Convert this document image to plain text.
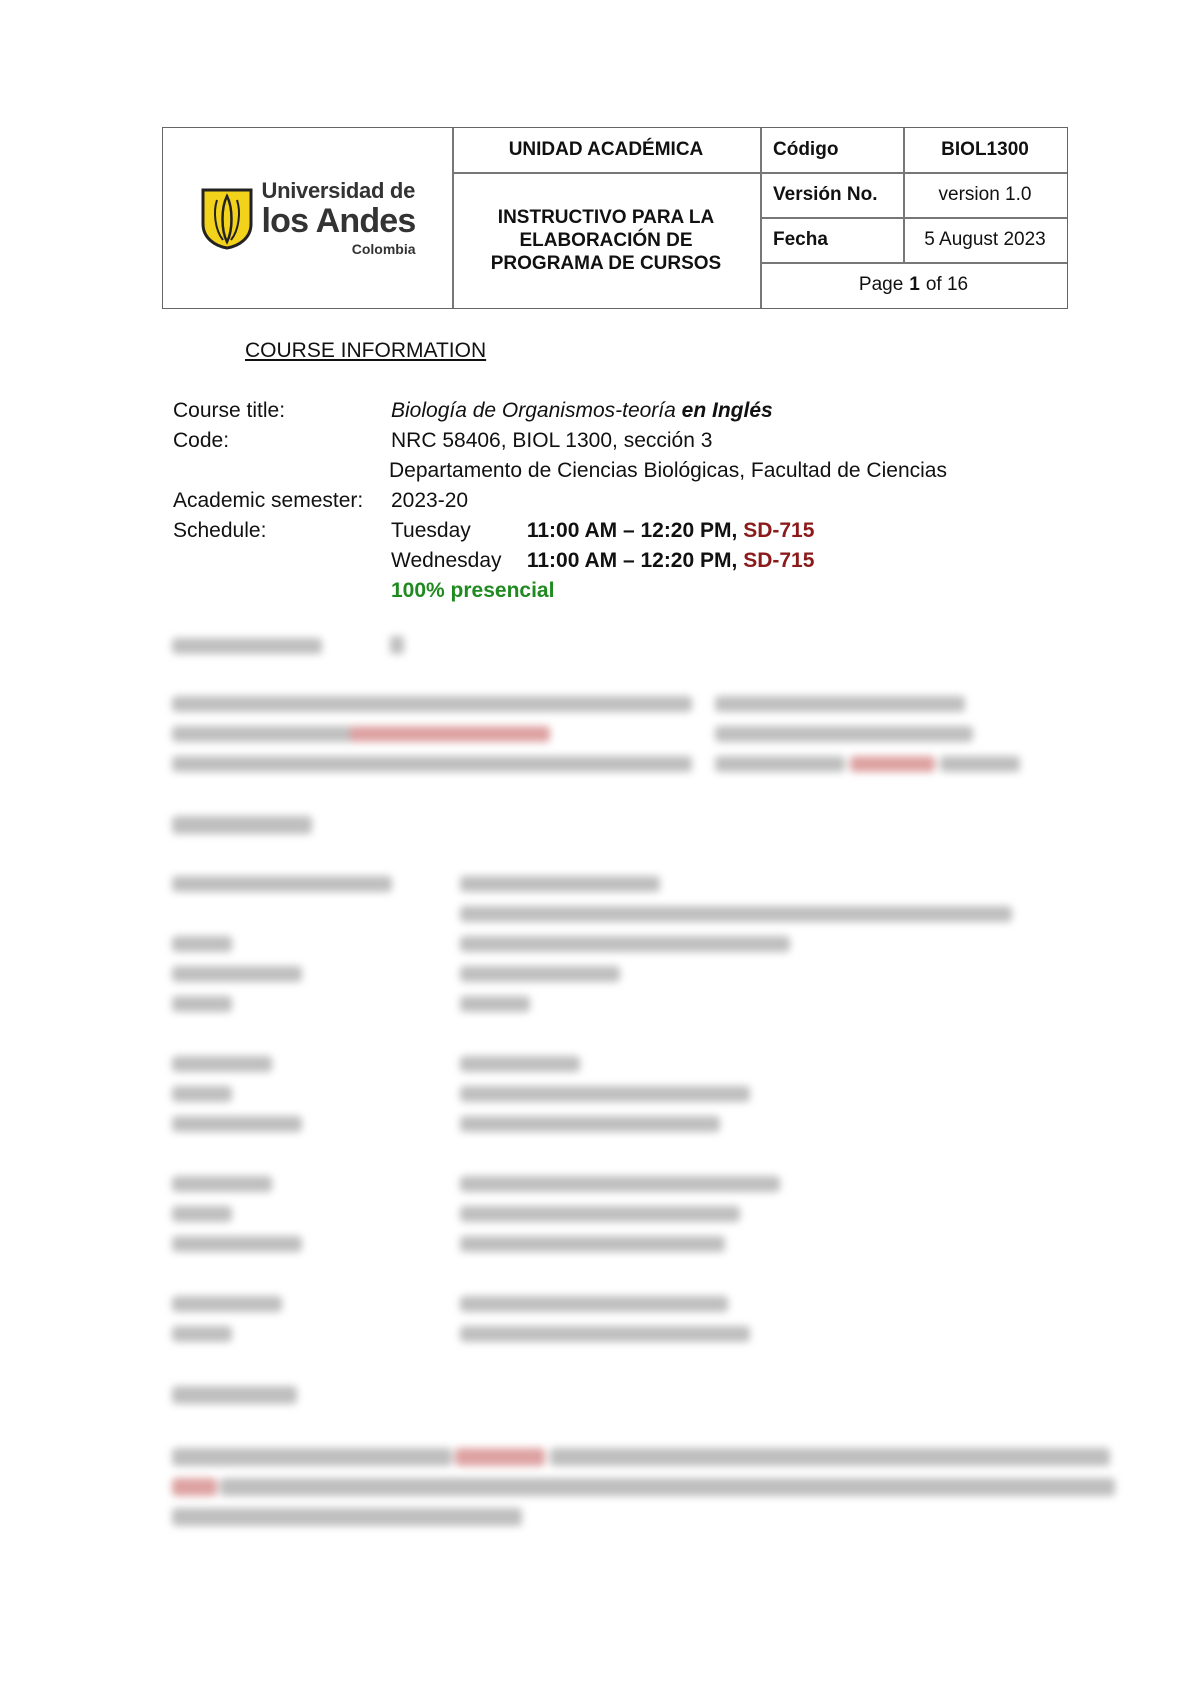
Universidad de
los Andes
Colombia
UNIDAD ACADÉMICA
INSTRUCTIVO PARA LA ELABORACIÓN DE PROGRAMA DE CURSOS
Código	BIOL1300
Versión No.	version 1.0
Fecha	5 August 2023
Page 1 of 16
COURSE INFORMATION
Course title:	Biología de Organismos-teoría en Inglés
Code:	NRC 58406, BIOL 1300, sección 3
Departamento de Ciencias Biológicas, Facultad de Ciencias
Academic semester: 2023-20
Schedule:	Tuesday	11:00 AM – 12:20 PM, SD-715
Wednesday 11:00 AM – 12:20 PM, SD-715
100% presencial
